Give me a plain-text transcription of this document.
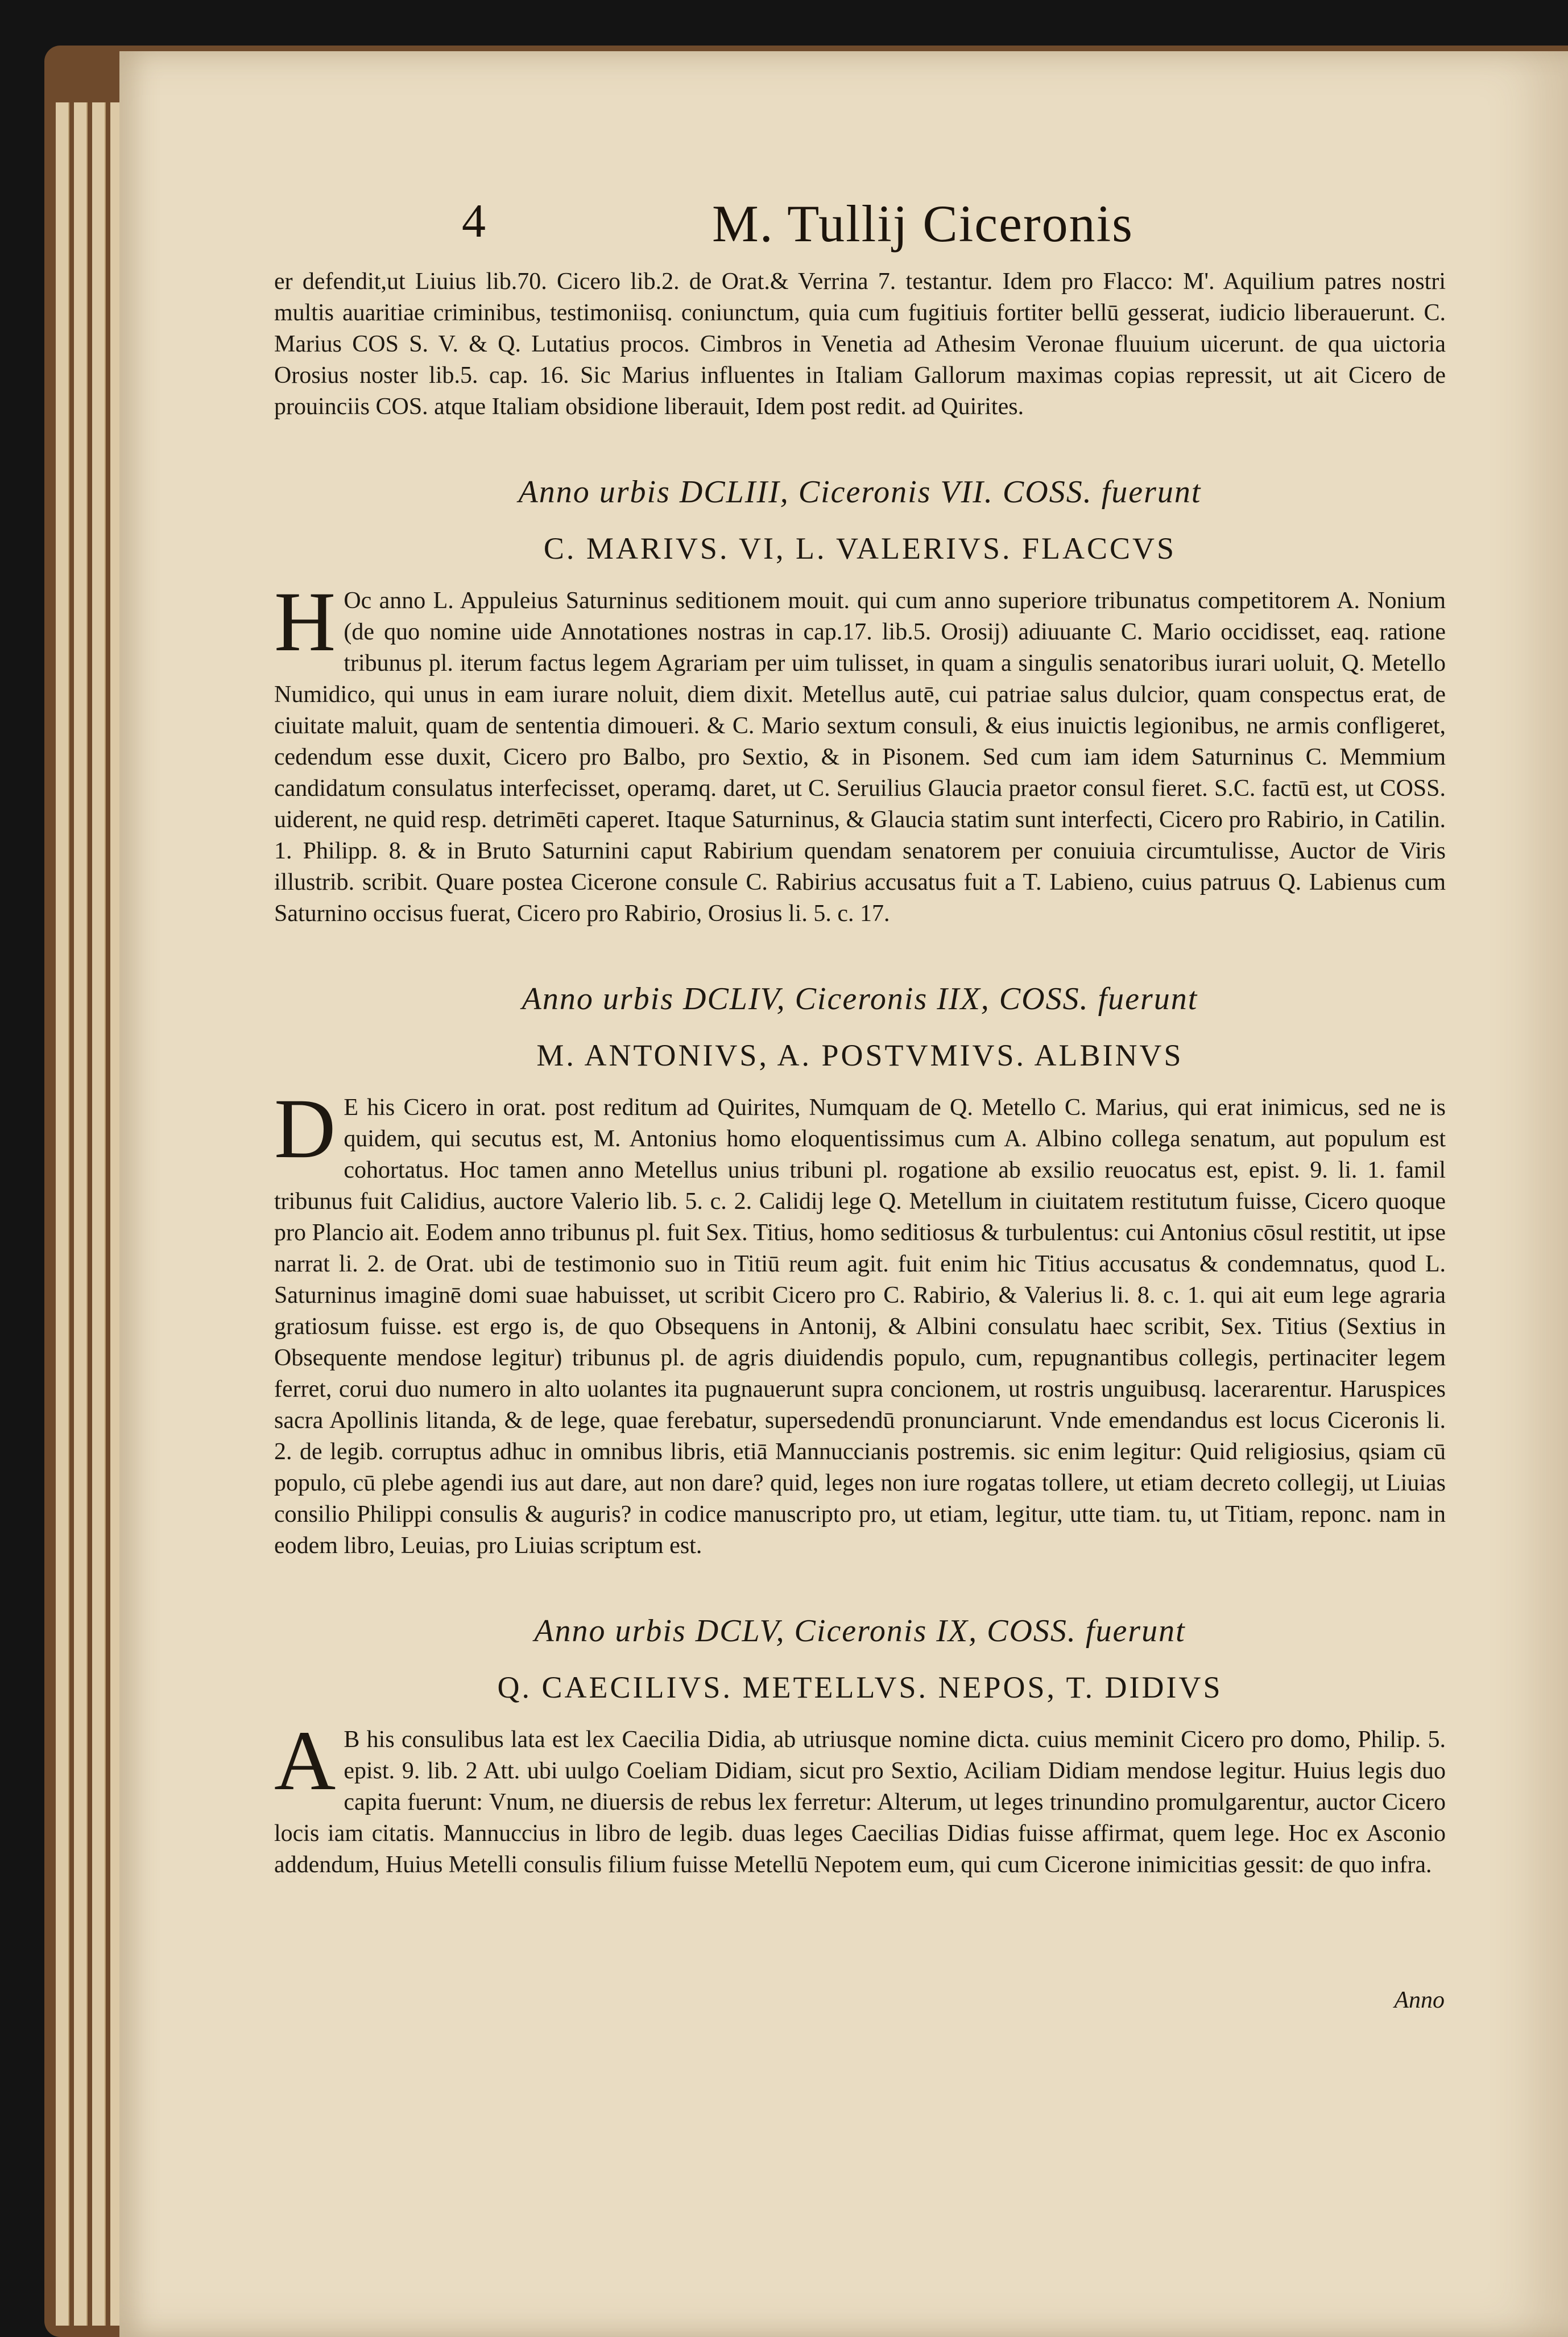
4	M. Tullij Ciceronis

er defendit,ut Liuius lib.70. Cicero lib.2. de Orat.& Verrina 7. testantur. Idem pro Flacco: M'. Aquilium patres nostri multis auaritiae criminibus, testimoniisq. coniunctum, quia cum fugitiuis fortiter bellū gesserat, iudicio liberauerunt. C. Marius COS S. V. & Q. Lutatius procos. Cimbros in Venetia ad Athesim Veronae fluuium uicerunt. de qua uictoria Orosius noster lib.5. cap. 16. Sic Marius influentes in Italiam Gallorum maximas copias repressit, ut ait Cicero de prouinciis COS. atque Italiam obsidione liberauit, Idem post redit. ad Quirites.

Anno urbis DCLIII, Ciceronis VII. COSS. fuerunt
C. MARIVS. VI, L. VALERIVS. FLACCVS

H Oc anno L. Appuleius Saturninus seditionem mouit. qui cum anno superiore tribunatus competitorem A. Nonium (de quo nomine uide Annotationes nostras in cap.17. lib.5. Orosij) adiuuante C. Mario occidisset, eaq. ratione tribunus pl. iterum factus legem Agrariam per uim tulisset, in quam a singulis senatoribus iurari uoluit, Q. Metello Numidico, qui unus in eam iurare noluit, diem dixit. Metellus autē, cui patriae salus dulcior, quam conspectus erat, de ciuitate maluit, quam de sententia dimoueri. & C. Mario sextum consuli, & eius inuictis legionibus, ne armis confligeret, cedendum esse duxit, Cicero pro Balbo, pro Sextio, & in Pisonem. Sed cum iam idem Saturninus C. Memmium candidatum consulatus interfecisset, operamq. daret, ut C. Seruilius Glaucia praetor consul fieret. S.C. factū est, ut COSS. uiderent, ne quid resp. detrimēti caperet. Itaque Saturninus, & Glaucia statim sunt interfecti, Cicero pro Rabirio, in Catilin. 1. Philipp. 8. & in Bruto Saturnini caput Rabirium quendam senatorem per conuiuia circumtulisse, Auctor de Viris illustrib. scribit. Quare postea Cicerone consule C. Rabirius accusatus fuit a T. Labieno, cuius patruus Q. Labienus cum Saturnino occisus fuerat, Cicero pro Rabirio, Orosius li. 5. c. 17.

Anno urbis DCLIV, Ciceronis IIX, COSS. fuerunt
M. ANTONIVS, A. POSTVMIVS. ALBINVS

D E his Cicero in orat. post reditum ad Quirites, Numquam de Q. Metello C. Marius, qui erat inimicus, sed ne is quidem, qui secutus est, M. Antonius homo eloquentissimus cum A. Albino collega senatum, aut populum est cohortatus. Hoc tamen anno Metellus unius tribuni pl. rogatione ab exsilio reuocatus est, epist. 9. li. 1. famil tribunus fuit Calidius, auctore Valerio lib. 5. c. 2. Calidij lege Q. Metellum in ciuitatem restitutum fuisse, Cicero quoque pro Plancio ait. Eodem anno tribunus pl. fuit Sex. Titius, homo seditiosus & turbulentus: cui Antonius cōsul restitit, ut ipse narrat li. 2. de Orat. ubi de testimonio suo in Titiū reum agit. fuit enim hic Titius accusatus & condemnatus, quod L. Saturninus imaginē domi suae habuisset, ut scribit Cicero pro C. Rabirio, & Valerius li. 8. c. 1. qui ait eum lege agraria gratiosum fuisse. est ergo is, de quo Obsequens in Antonij, & Albini consulatu haec scribit, Sex. Titius (Sextius in Obsequente mendose legitur) tribunus pl. de agris diuidendis populo, cum, repugnantibus collegis, pertinaciter legem ferret, corui duo numero in alto uolantes ita pugnauerunt supra concionem, ut rostris unguibusq. lacerarentur. Haruspices sacra Apollinis litanda, & de lege, quae ferebatur, supersedendū pronunciarunt. Vnde emendandus est locus Ciceronis li. 2. de legib. corruptus adhuc in omnibus libris, etiā Mannuccianis postremis. sic enim legitur: Quid religiosius, qsiam cū populo, cū plebe agendi ius aut dare, aut non dare? quid, leges non iure rogatas tollere, ut etiam decreto collegij, ut Liuias consilio Philippi consulis & auguris? in codice manuscripto pro, ut etiam, legitur, utte tiam. tu, ut Titiam, reponc. nam in eodem libro, Leuias, pro Liuias scriptum est.

Anno urbis DCLV, Ciceronis IX, COSS. fuerunt
Q. CAECILIVS. METELLVS. NEPOS, T. DIDIVS

A B his consulibus lata est lex Caecilia Didia, ab utriusque nomine dicta. cuius meminit Cicero pro domo, Philip. 5. epist. 9. lib. 2 Att. ubi uulgo Coeliam Didiam, sicut pro Sextio, Aciliam Didiam mendose legitur. Huius legis duo capita fuerunt: Vnum, ne diuersis de rebus lex ferretur: Alterum, ut leges trinundino promulgarentur, auctor Cicero locis iam citatis. Mannuccius in libro de legib. duas leges Caecilias Didias fuisse affirmat, quem lege. Hoc ex Asconio addendum, Huius Metelli consulis filium fuisse Metellū Nepotem eum, qui cum Cicerone inimicitias gessit: de quo infra.

Anno
